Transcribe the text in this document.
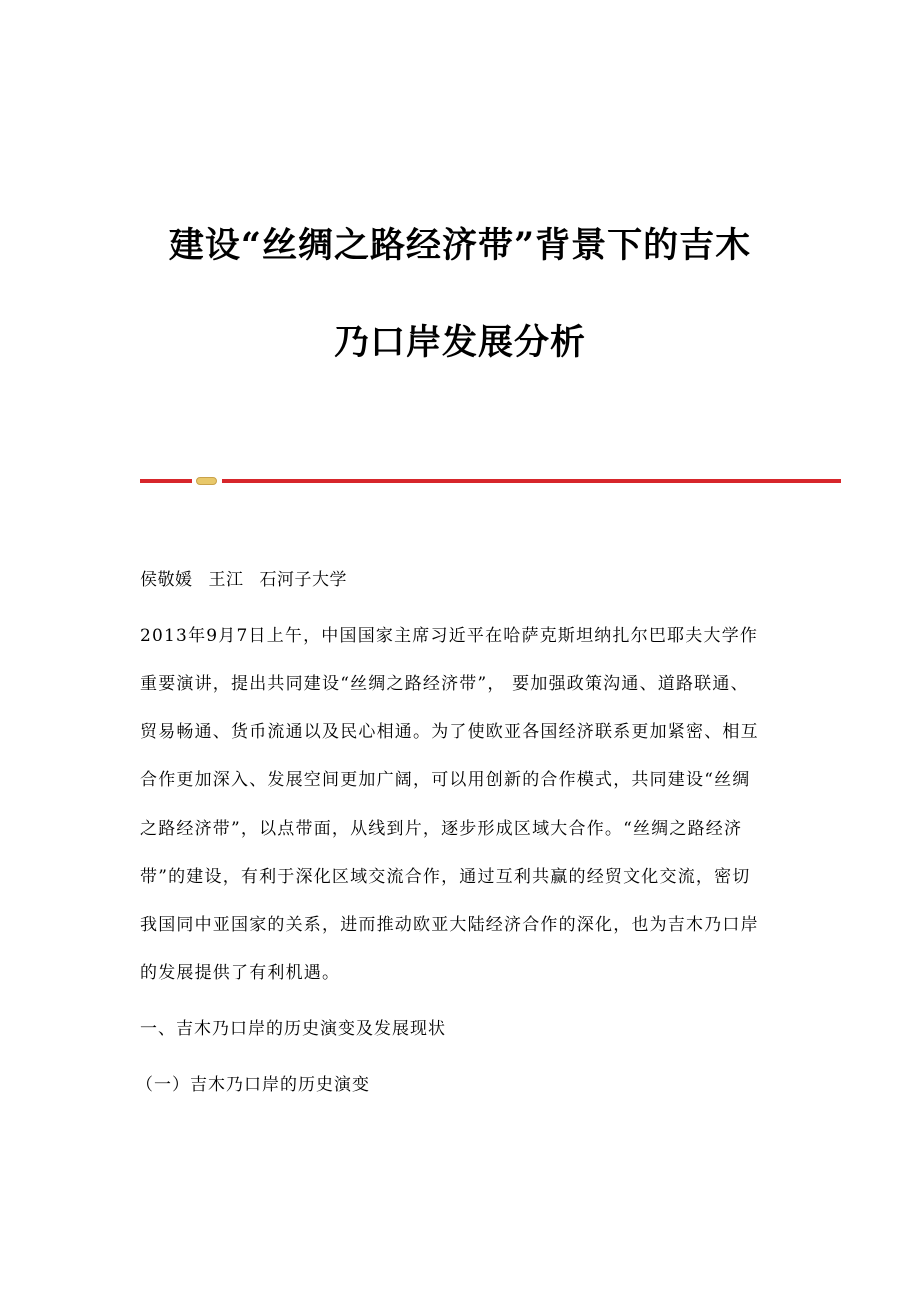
建设“丝绸之路经济带”背景下的吉木
乃口岸发展分析
侯敬媛 王江 石河子大学
2013年9月7日上午，中国国家主席习近平在哈萨克斯坦纳扎尔巴耶夫大学作
重要演讲，提出共同建设“丝绸之路经济带”， 要加强政策沟通、道路联通、
贸易畅通、货币流通以及民心相通。为了使欧亚各国经济联系更加紧密、相互
合作更加深入、发展空间更加广阔，可以用创新的合作模式，共同建设“丝绸
之路经济带”，以点带面，从线到片，逐步形成区域大合作。“丝绸之路经济
带”的建设，有利于深化区域交流合作，通过互利共赢的经贸文化交流，密切
我国同中亚国家的关系，进而推动欧亚大陆经济合作的深化，也为吉木乃口岸
的发展提供了有利机遇。
一、吉木乃口岸的历史演变及发展现状
（一）吉木乃口岸的历史演变
